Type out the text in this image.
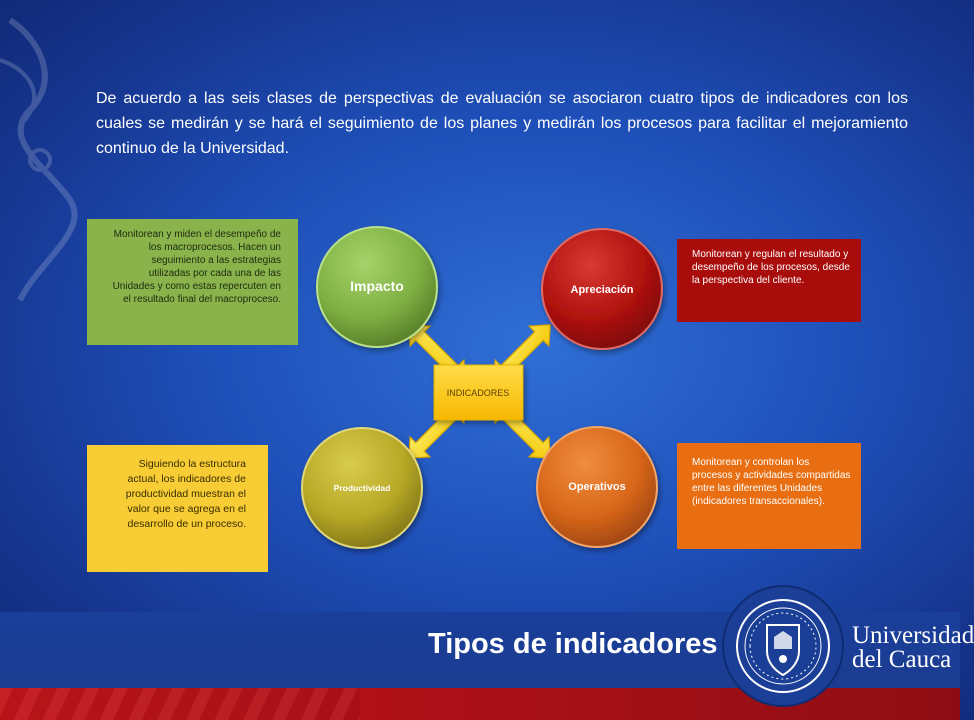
De acuerdo a las seis clases de perspectivas de evaluación se asociaron cuatro tipos de indicadores con los cuales se medirán y se hará el seguimiento de los planes y medirán los procesos para facilitar el mejoramiento continuo de la Universidad.

INDICADORES
Impacto	Apreciación
Productividad	Operativos
Monitorean y miden el desempeño de los macroprocesos. Hacen un seguimiento a las estrategias utilizadas por cada una de las Unidades y como estas repercuten en el resultado final del macroproceso.
Monitorean y regulan el resultado y desempeño de los procesos, desde la perspectiva del cliente.
Siguiendo la estructura actual, los indicadores de productividad muestran el valor que se agrega en el desarrollo de un proceso.
Monitorean y controlan los procesos y actividades compartidas entre las diferentes Unidades (indicadores transaccionales).
Tipos de indicadores	Universidad
del Cauca
